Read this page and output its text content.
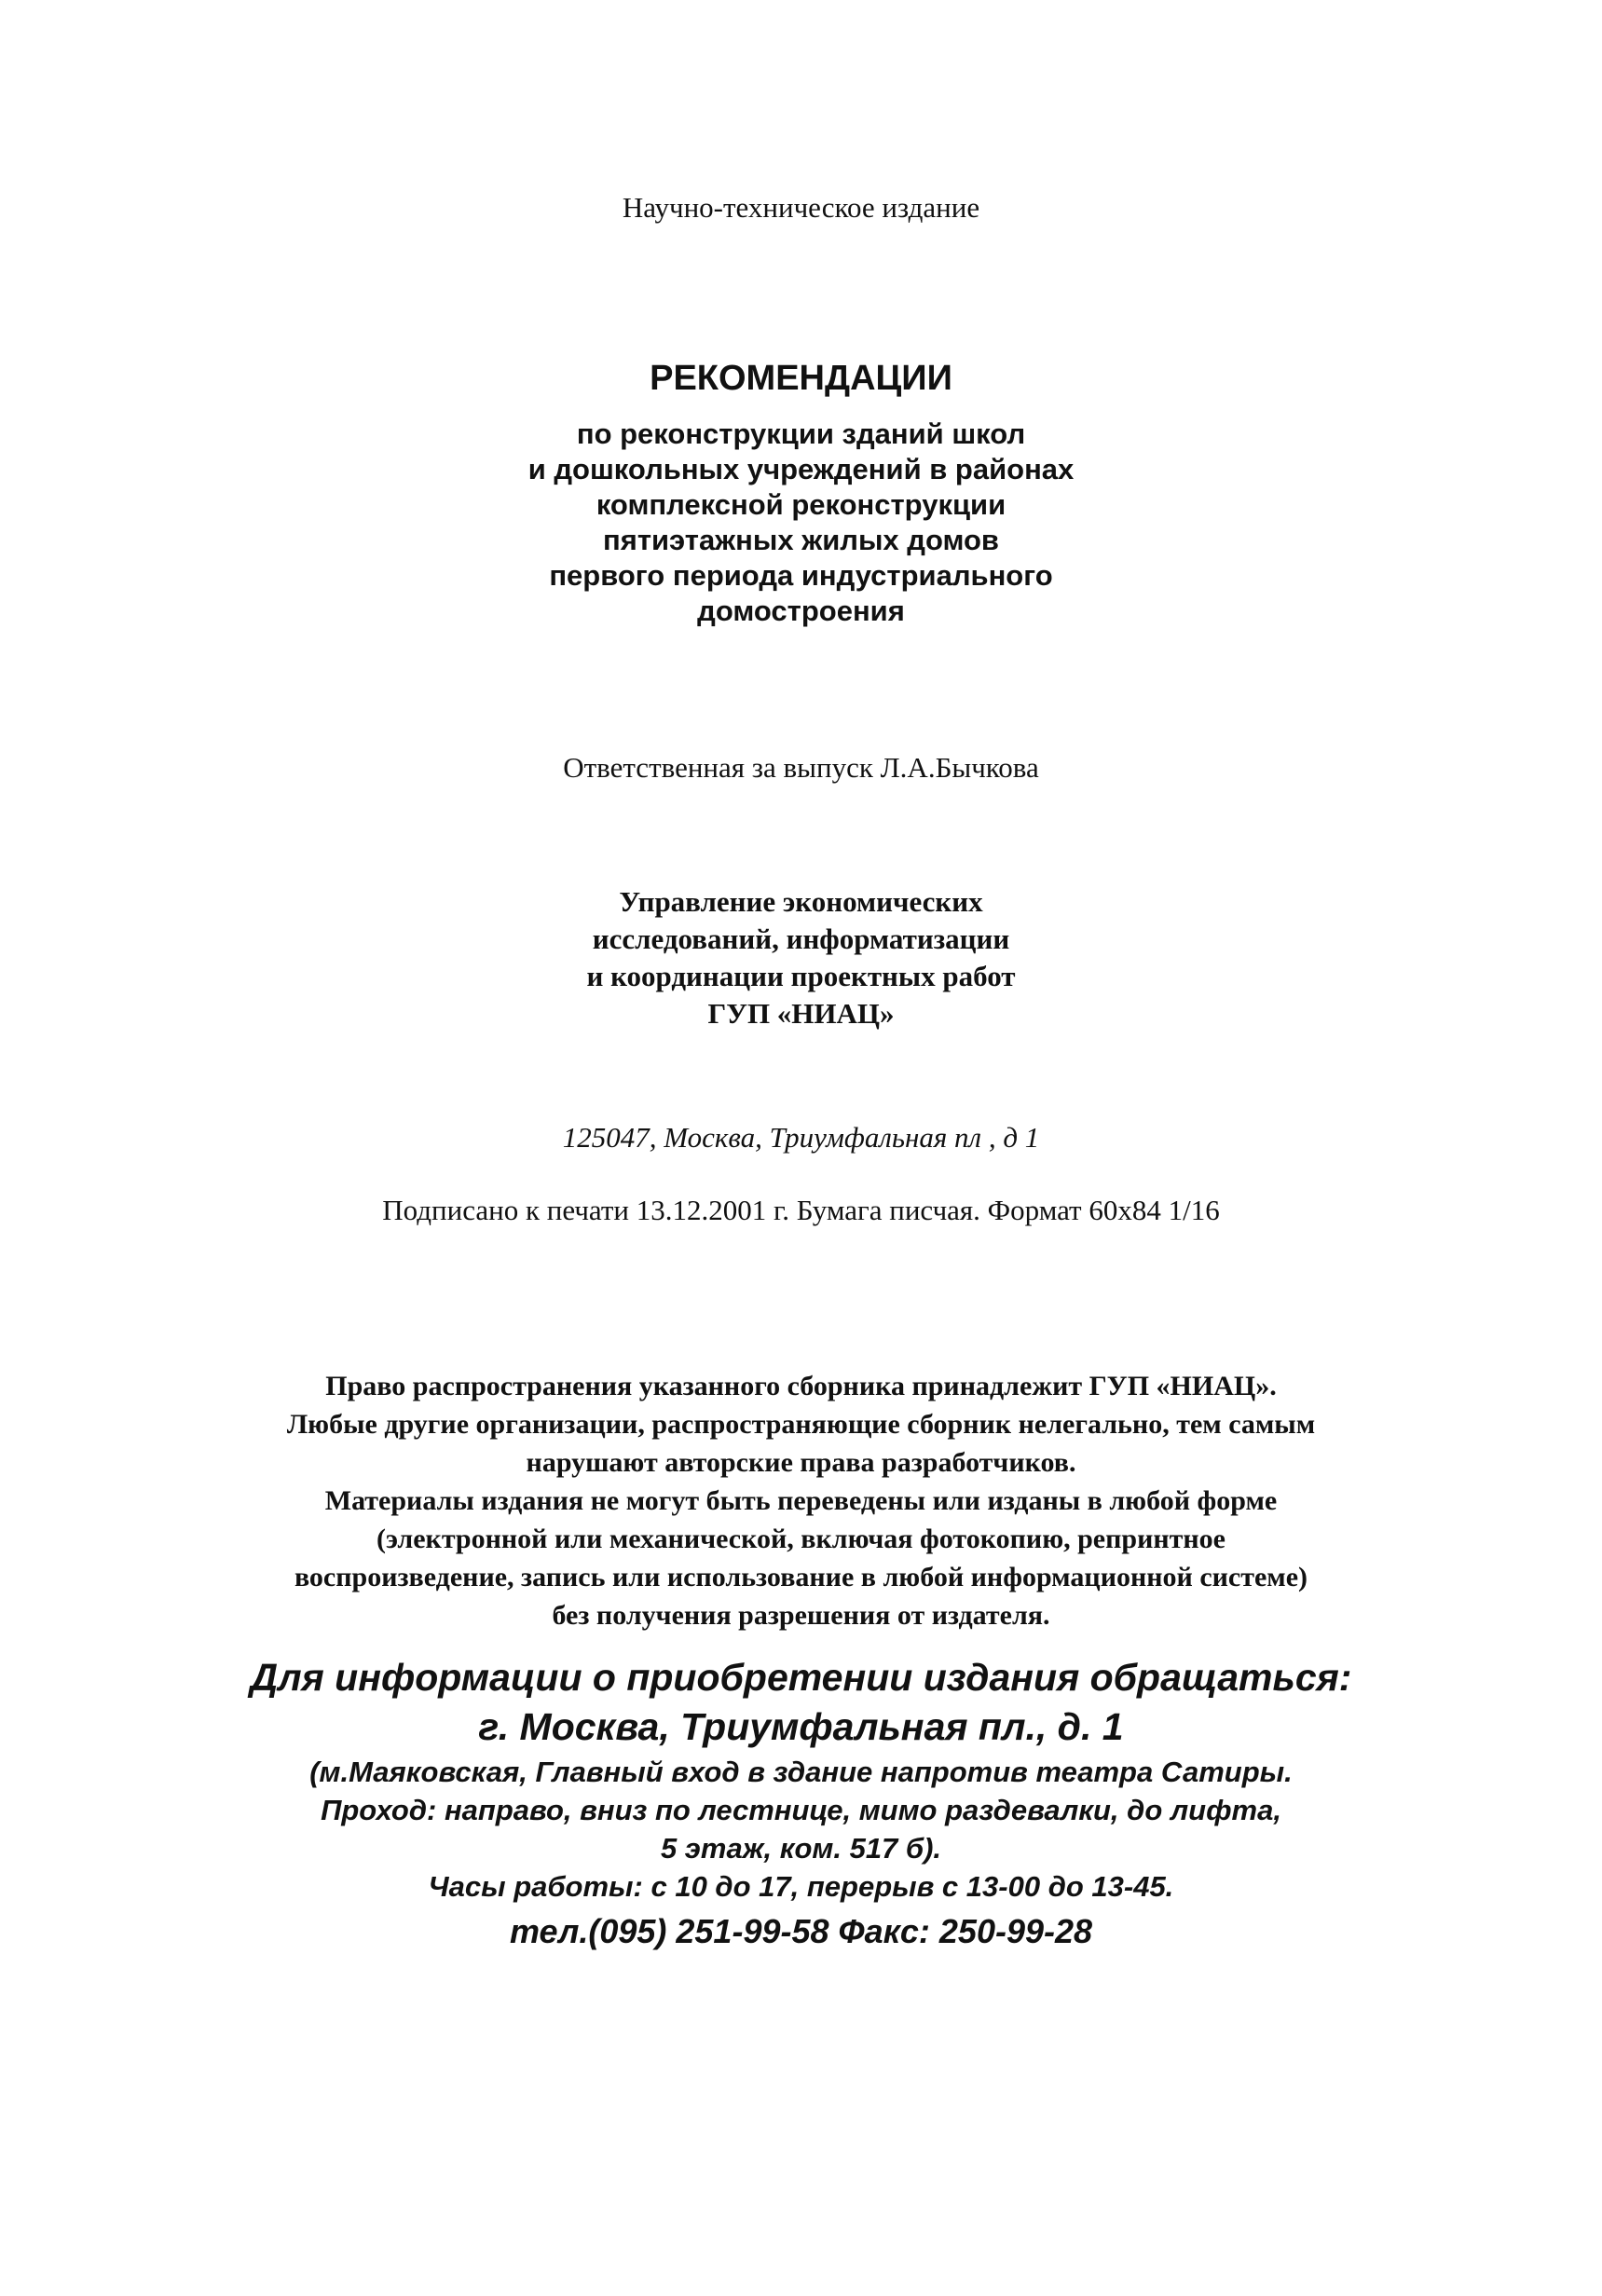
Научно-техническое издание

РЕКОМЕНДАЦИИ

по реконструкции зданий школ

и дошкольных учреждений в районах

комплексной реконструкции

пятиэтажных жилых домов

первого периода индустриального

домостроения

Ответственная за выпуск Л.А.Бычкова

Управление экономических

исследований, информатизации

и координации проектных работ

ГУП «НИАЦ»

125047, Москва, Триумфальная пл , д 1

Подписано к печати 13.12.2001 г. Бумага писчая. Формат 60х84 1/16

Право распространения указанного сборника принадлежит ГУП «НИАЦ».

Любые другие организации, распространяющие сборник нелегально, тем самым

нарушают авторские права разработчиков.

Материалы издания не могут быть переведены или изданы в любой форме

(электронной или механической, включая фотокопию, репринтное

воспроизведение, запись или использование в любой информационной системе)

без получения разрешения от издателя.

Для информации о приобретении издания обращаться:

г. Москва, Триумфальная пл., д. 1

(м.Маяковская, Главный вход в здание напротив театра Сатиры.

Проход: направо, вниз по лестнице, мимо раздевалки, до лифта,

5 этаж, ком. 517 б).

Часы работы: с 10 до 17, перерыв с 13-00 до 13-45.

тел.(095) 251-99-58 Факс: 250-99-28
